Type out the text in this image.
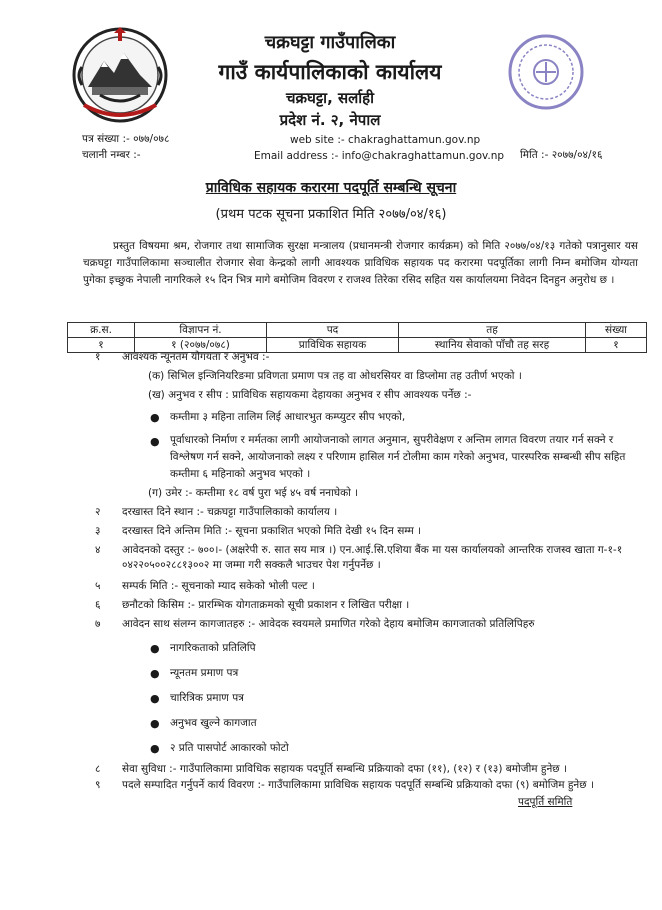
चक्रघट्टा गाउँपालिका
गाउँ कार्यपालिकाको कार्यालय
चक्रघट्टा, सर्लाही
प्रदेश नं. २, नेपाल
पत्र संख्या :- ०७७/०७८
चलानी नम्बर :-
web site :- chakraghattamun.gov.np
Email address :- info@chakraghattamun.gov.np मिति :- २०७७/०४/१६
प्राविधिक सहायक करारमा पदपूर्ति सम्बन्धि सूचना
(प्रथम पटक सूचना प्रकाशित मिति २०७७/०४/१६)
प्रस्तुत विषयमा श्रम, रोजगार तथा सामाजिक सुरक्षा मन्त्रालय (प्रधानमन्त्री रोजगार कार्यक्रम) को मिति २०७७/०४/१३ गतेको पत्रानुसार यस चक्रघट्टा गाउँपालिकामा सञ्चालीत रोजगार सेवा केन्द्रको लागी आवश्यक प्राविधिक सहायक पद करारमा पदपूर्तिका लागी निम्न बमोजिम योग्यता पुगेका इच्छुक नेपाली नागरिकले १५ दिन भित्र मागे बमोजिम विवरण र राजश्व तिरेका रसिद सहित यस कार्यालयमा निवेदन दिनहुन अनुरोध छ ।
क्र.स.	विज्ञापन नं.	पद	तह	संख्या
१	१ (२०७७/०७८)	प्राविधिक सहायक	स्थानिय सेवाको पाँचौ तह सरह	१
१	आवश्यक न्यूनतम योगयता र अनुभव :-
(क) सिभिल इन्जिनियरिङमा प्रविणता प्रमाण पत्र तह वा ओधरसियर वा डिप्लोमा तह उतीर्ण भएको ।
(ख) अनुभव र सीप : प्राविधिक सहायकमा देहायका अनुभव र सीप आवश्यक पर्नेछ :-
● कम्तीमा ३ महिना तालिम लिई आधारभुत कम्प्युटर सीप भएको,
● पूर्वाधारको निर्माण र मर्मतका लागी आयोजनाको लागत अनुमान, सुपरीवेक्षण र अन्तिम लागत विवरण तयार गर्न सक्ने र विश्लेषण गर्न सक्ने, आयोजनाको लक्ष्य र परिणाम हासिल गर्न टोलीमा काम गरेको अनुभव, पारस्परिक सम्बन्धी सीप सहित कम्तीमा ६ महिनाको अनुभव भएको ।
(ग) उमेर :- कम्तीमा १८ वर्ष पुरा भई ४५ वर्ष ननाघेको ।
२	दरखास्त दिने स्थान :- चक्रघट्टा गाउँपालिकाको कार्यालय ।
३	दरखास्त दिने अन्तिम मिति :- सूचना प्रकाशित भएको मिति देखी १५ दिन सम्म ।
४	आवेदनको दस्तुर :- ७००।- (अक्षरेपी रु. सात सय मात्र ।) एन.आई.सि.एशिया बैंक मा यस कार्यालयको आन्तरिक राजस्व खाता ग-१-१ ०४२२०५००२८८१३००२ मा जम्मा गरी सक्कलै भाउचर पेश गर्नुपर्नेछ ।
५	सम्पर्क मिति :- सूचनाको म्याद सकेको भोली पल्ट ।
६	छनौटको किसिम :- प्रारम्भिक योगताक्रमको सूची प्रकाशन र लिखित परीक्षा ।
७	आवेदन साथ संलग्न कागजातहरु :- आवेदक स्वयमले प्रमाणित गरेको देहाय बमोजिम कागजातको प्रतिलिपिहरु
● नागरिकताको प्रतिलिपि
● न्यूनतम प्रमाण पत्र
● चारित्रिक प्रमाण पत्र
● अनुभव खुल्ने कागजात
● २ प्रति पासपोर्ट आकारको फोटो
८	सेवा सुविधा :- गाउँपालिकामा प्राविधिक सहायक पदपूर्ति सम्बन्धि प्रक्रियाको दफा (११), (१२) र (१३) बमोजीम हुनेछ ।
९	पदले सम्पादित गर्नुपर्ने कार्य विवरण :- गाउँपालिकामा प्राविधिक सहायक पदपूर्ति सम्बन्धि प्रक्रियाको दफा (९) बमोजिम हुनेछ ।
पदपूर्ति समिति
